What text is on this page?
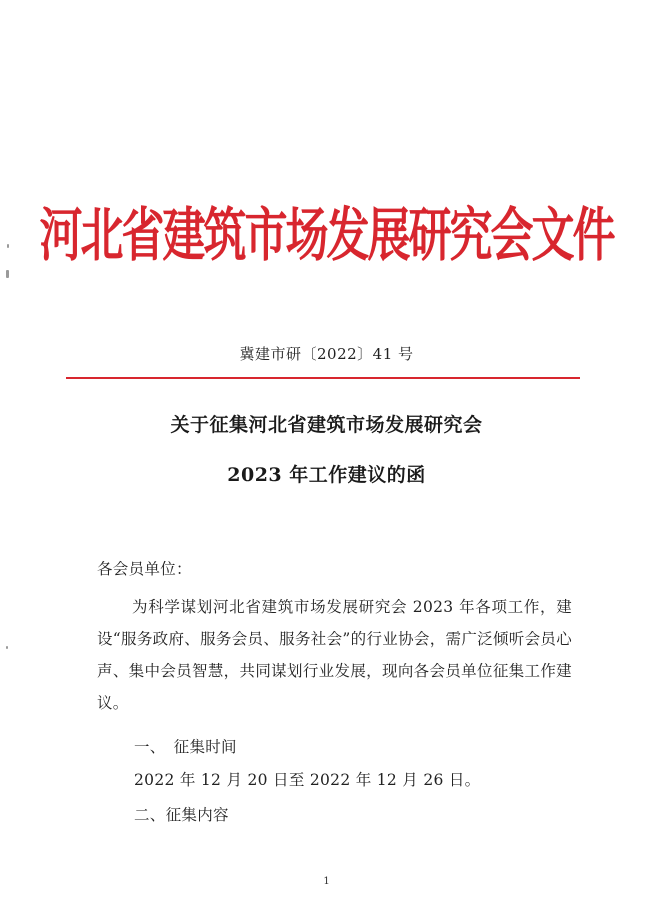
河北省建筑市场发展研究会文件
冀建市研〔2022〕41 号
关于征集河北省建筑市场发展研究会
2023 年工作建议的函
各会员单位：
为科学谋划河北省建筑市场发展研究会 2023 年各项工作，建设“服务政府、服务会员、服务社会”的行业协会，需广泛倾听会员心声、集中会员智慧，共同谋划行业发展，现向各会员单位征集工作建议。
一、　征集时间
2022 年 12 月 20 日至 2022 年 12 月 26 日。
二、征集内容
1
